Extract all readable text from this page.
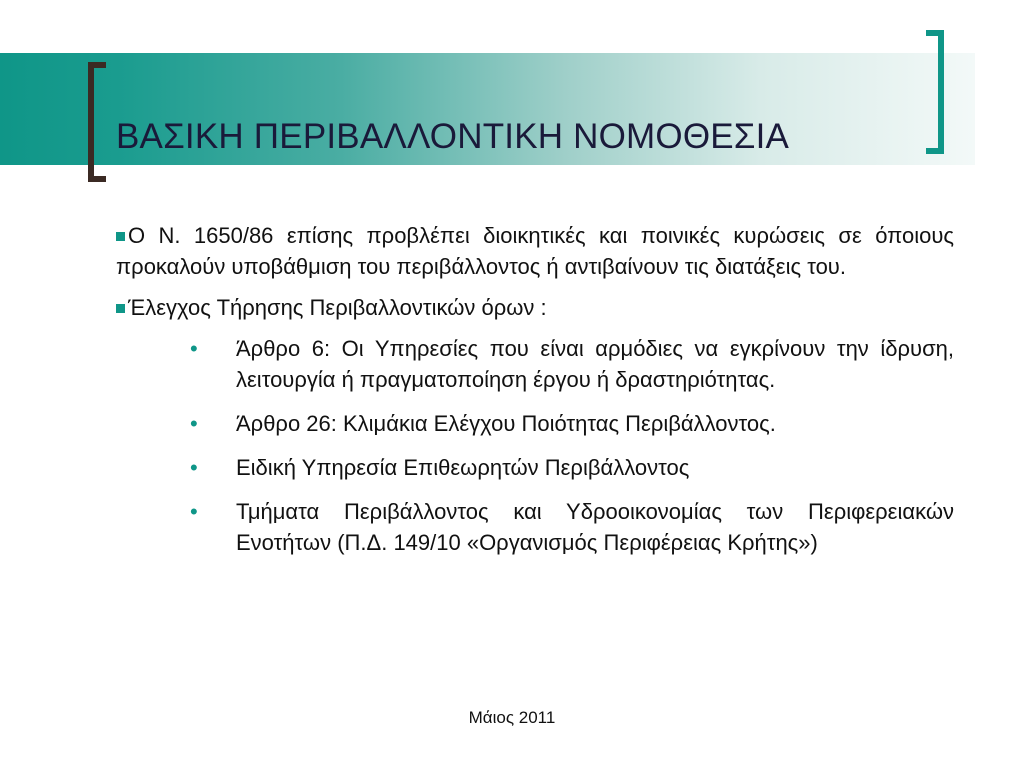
ΒΑΣΙΚΗ ΠΕΡΙΒΑΛΛΟΝΤΙΚΗ ΝΟΜΟΘΕΣΙΑ

Ο Ν. 1650/86 επίσης προβλέπει διοικητικές και ποινικές κυρώσεις σε όποιους προκαλούν υποβάθμιση του περιβάλλοντος ή αντιβαίνουν τις διατάξεις του.

Έλεγχος Τήρησης Περιβαλλοντικών όρων :

• Άρθρο 6: Οι Υπηρεσίες που είναι αρμόδιες να εγκρίνουν την ίδρυση, λειτουργία ή πραγματοποίηση έργου ή δραστηριότητας.
• Άρθρο 26: Κλιμάκια Ελέγχου Ποιότητας Περιβάλλοντος.
• Ειδική Υπηρεσία Επιθεωρητών Περιβάλλοντος
• Τμήματα Περιβάλλοντος και Υδροοικονομίας των Περιφερειακών Ενοτήτων (Π.Δ. 149/10 «Οργανισμός Περιφέρειας Κρήτης»)
Μάιος 2011
